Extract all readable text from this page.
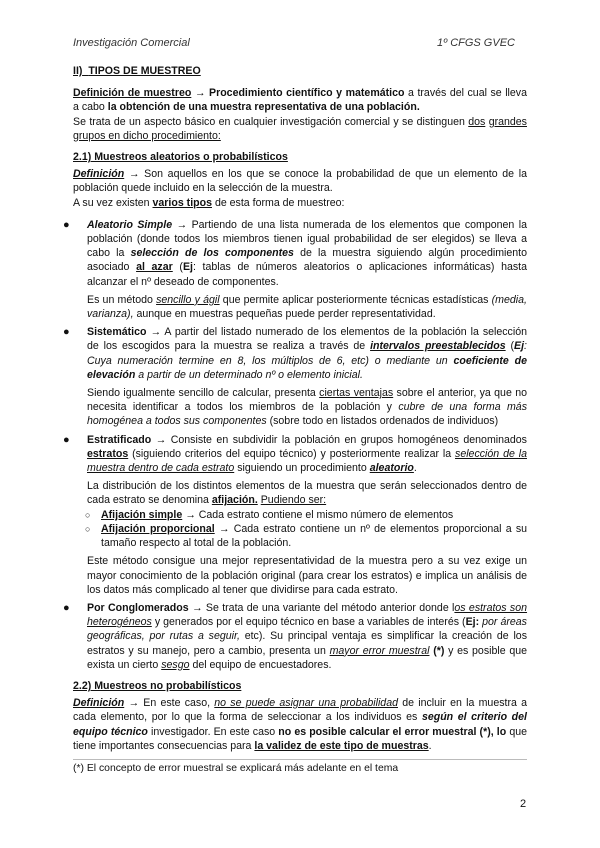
Investigación Comercial	1º CFGS GVEC
II) TIPOS DE MUESTREO

Definición de muestreo → Procedimiento científico y matemático a través del cual se lleva a cabo la obtención de una muestra representativa de una población.

Se trata de un aspecto básico en cualquier investigación comercial y se distinguen dos grandes grupos en dicho procedimiento:

2.1) Muestreos aleatorios o probabilísticos

Definición → Son aquellos en los que se conoce la probabilidad de que un elemento de la población quede incluido en la selección de la muestra.

A su vez existen varios tipos de esta forma de muestreo:

● Aleatorio Simple → Partiendo de una lista numerada de los elementos que componen la población (donde todos los miembros tienen igual probabilidad de ser elegidos) se lleva a cabo la selección de los componentes de la muestra siguiendo algún procedimiento asociado al azar (Ej: tablas de números aleatorios o aplicaciones informáticas) hasta alcanzar el nº deseado de componentes.

Es un método sencillo y ágil que permite aplicar posteriormente técnicas estadísticas (media, varianza), aunque en muestras pequeñas puede perder representatividad.

● Sistemático → A partir del listado numerado de los elementos de la población la selección de los escogidos para la muestra se realiza a través de intervalos preestablecidos (Ej: Cuya numeración termine en 8, los múltiplos de 6, etc) o mediante un coeficiente de elevación a partir de un determinado nº o elemento inicial.

Siendo igualmente sencillo de calcular, presenta ciertas ventajas sobre el anterior, ya que no necesita identificar a todos los miembros de la población y cubre de una forma más homogénea a todos sus componentes (sobre todo en listados ordenados de individuos)

● Estratificado → Consiste en subdividir la población en grupos homogéneos denominados estratos (siguiendo criterios del equipo técnico) y posteriormente realizar la selección de la muestra dentro de cada estrato siguiendo un procedimiento aleatorio.

La distribución de los distintos elementos de la muestra que serán seleccionados dentro de cada estrato se denomina afijación. Pudiendo ser:

○ Afijación simple → Cada estrato contiene el mismo número de elementos

○ Afijación proporcional → Cada estrato contiene un nº de elementos proporcional a su tamaño respecto al total de la población.

Este método consigue una mejor representatividad de la muestra pero a su vez exige un mayor conocimiento de la población original (para crear los estratos) e implica un análisis de los datos más complicado al tener que dividirse para cada estrato.

● Por Conglomerados → Se trata de una variante del método anterior donde los estratos son heterogéneos y generados por el equipo técnico en base a variables de interés (Ej: por áreas geográficas, por rutas a seguir, etc). Su principal ventaja es simplificar la creación de los estratos y su manejo, pero a cambio, presenta un mayor error muestral (*) y es posible que exista un cierto sesgo del equipo de encuestadores.

2.2) Muestreos no probabilísticos

Definición → En este caso, no se puede asignar una probabilidad de incluir en la muestra a cada elemento, por lo que la forma de seleccionar a los individuos es según el criterio del equipo técnico investigador. En este caso no es posible calcular el error muestral (*), lo que tiene importantes consecuencias para la validez de este tipo de muestras.

(*) El concepto de error muestral se explicará más adelante en el tema
2
